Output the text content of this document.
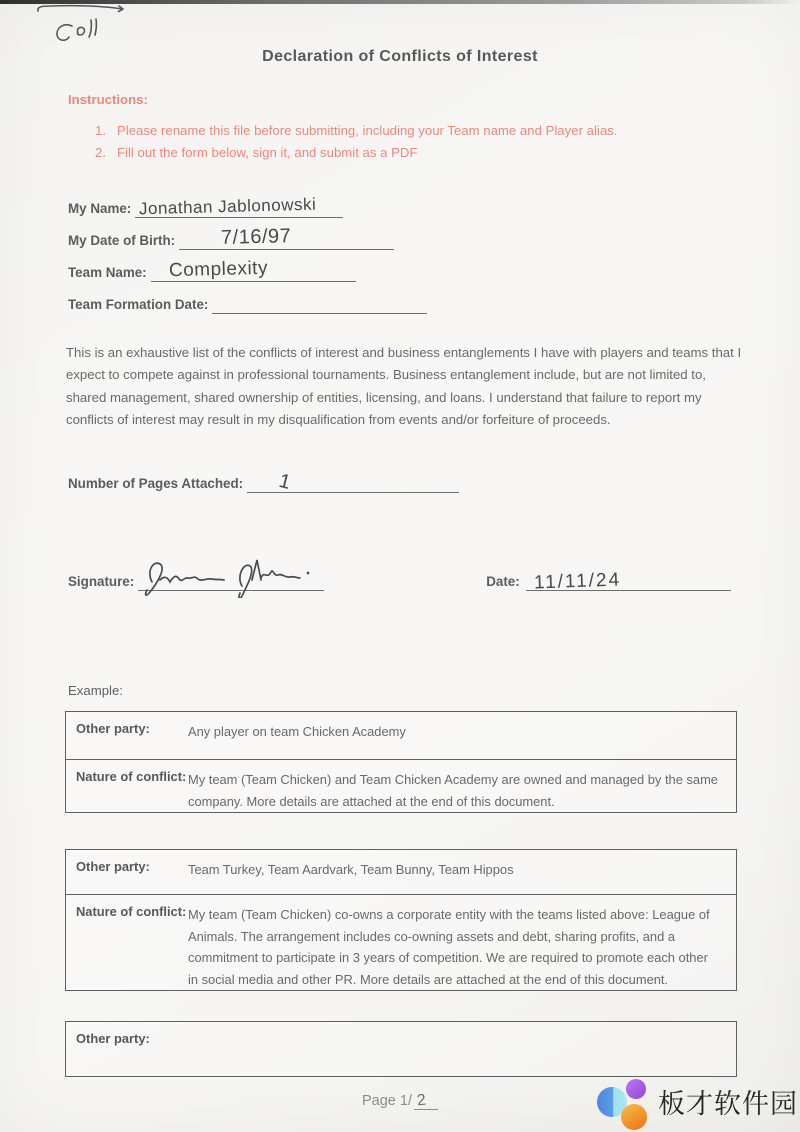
Declaration of Conflicts of Interest

Instructions:

1. Please rename this file before submitting, including your Team name and Player alias.
2. Fill out the form below, sign it, and submit as a PDF
My Name: Jonathan Jablonowski
My Date of Birth: 7/16/97
Team Name: Complexity
Team Formation Date:

This is an exhaustive list of the conflicts of interest and business entanglements I have with players and teams that I expect to compete against in professional tournaments. Business entanglement include, but are not limited to, shared management, shared ownership of entities, licensing, and loans. I understand that failure to report my conflicts of interest may result in my disqualification from events and/or forfeiture of proceeds.

Number of Pages Attached: 1
Signature:	Date: 11/11/24

Example:

Other party:	Any player on team Chicken Academy
Nature of conflict: My team (Team Chicken) and Team Chicken Academy are owned and managed by the same company. More details are attached at the end of this document.
Other party:	Team Turkey, Team Aardvark, Team Bunny, Team Hippos
Nature of conflict: My team (Team Chicken) co-owns a corporate entity with the teams listed above: League of Animals. The arrangement includes co-owning assets and debt, sharing profits, and a commitment to participate in 3 years of competition. We are required to promote each other in social media and other PR. More details are attached at the end of this document.
Other party:
Page 1/ 2	板才软件园
